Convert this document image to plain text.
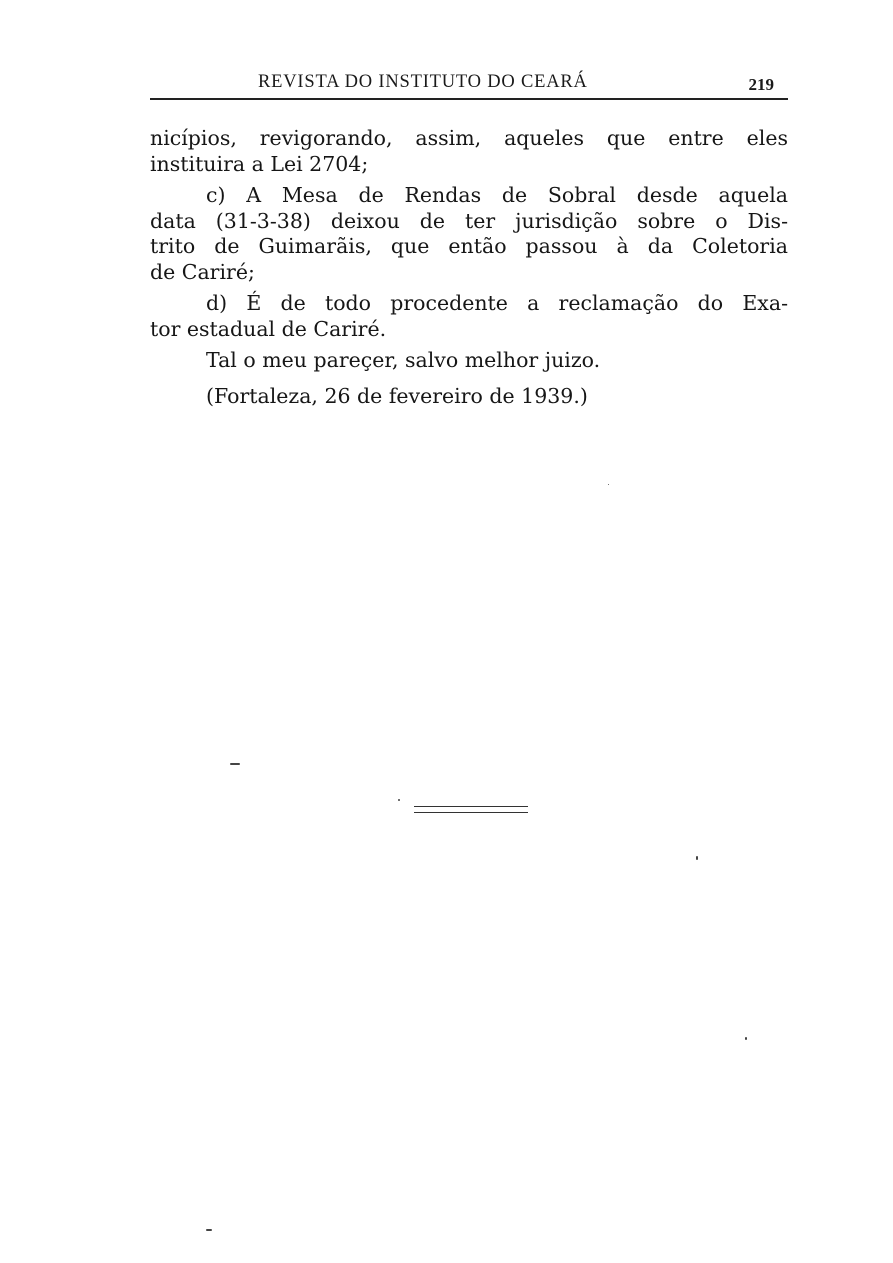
REVISTA DO INSTITUTO DO CEARÁ	219
nicípios, revigorando, assim, aqueles que entre eles
instituira a Lei 2704;
c) A Mesa de Rendas de Sobral desde aquela
data (31-3-38) deixou de ter jurisdição sobre o Dis-
trito de Guimarãis, que então passou à da Coletoria
de Cariré;
d) É de todo procedente a reclamação do Exa-
tor estadual de Cariré.
Tal o meu pareçer, salvo melhor juizo.
(Fortaleza, 26 de fevereiro de 1939.)
